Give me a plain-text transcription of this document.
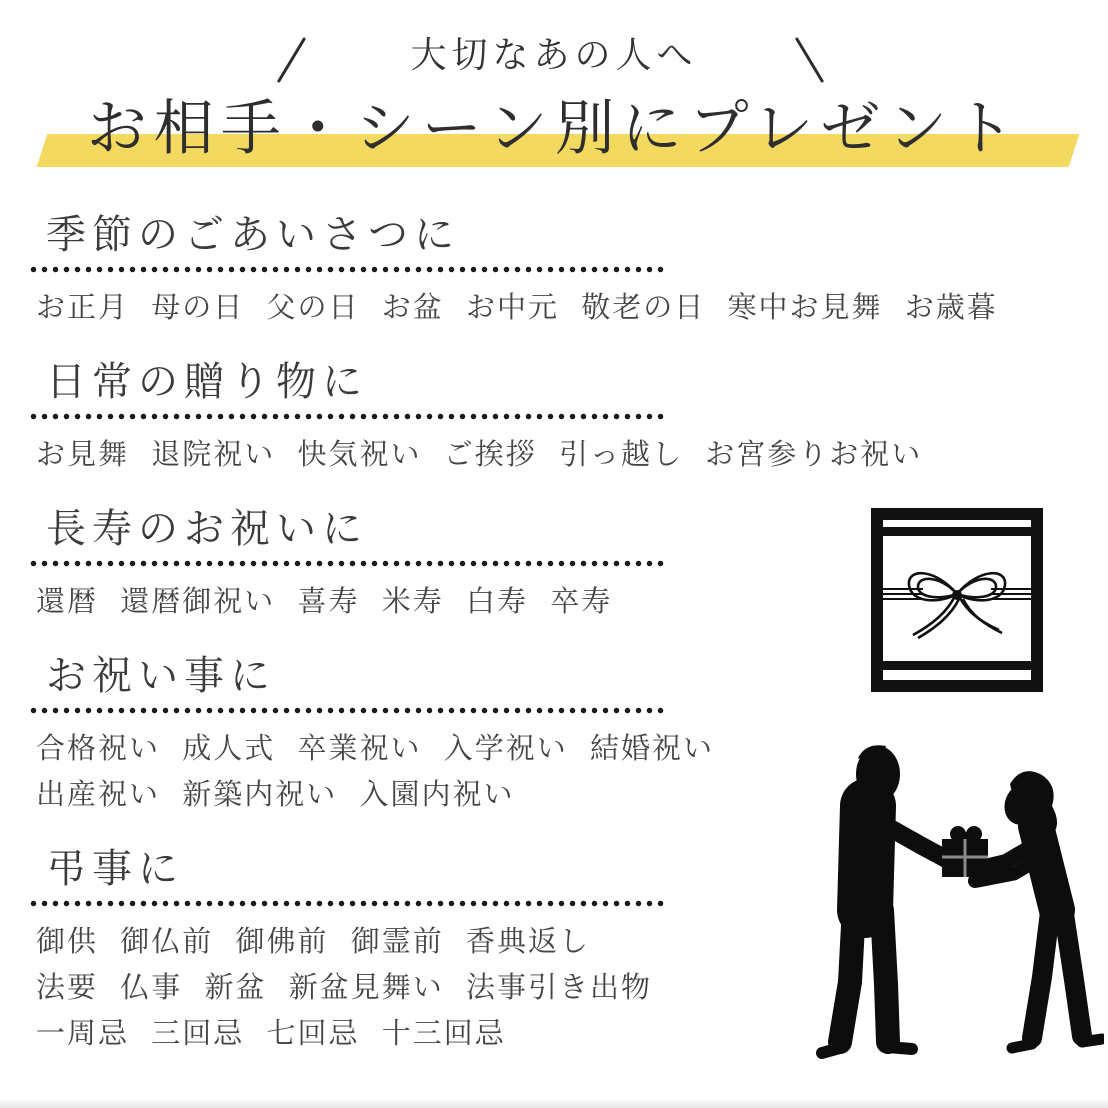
大切なあの人へ
お相手・シーン別にプレゼント
季節のごあいさつに
お正月 母の日 父の日 お盆 お中元 敬老の日 寒中お見舞 お歳暮
日常の贈り物に
お見舞 退院祝い 快気祝い ご挨拶 引っ越し お宮参りお祝い
長寿のお祝いに
還暦 還暦御祝い 喜寿 米寿 白寿 卒寿
お祝い事に
合格祝い 成人式 卒業祝い 入学祝い 結婚祝い
出産祝い 新築内祝い 入園内祝い
弔事に
御供 御仏前 御佛前 御霊前 香典返し
法要 仏事 新盆 新盆見舞い 法事引き出物
一周忌 三回忌 七回忌 十三回忌
